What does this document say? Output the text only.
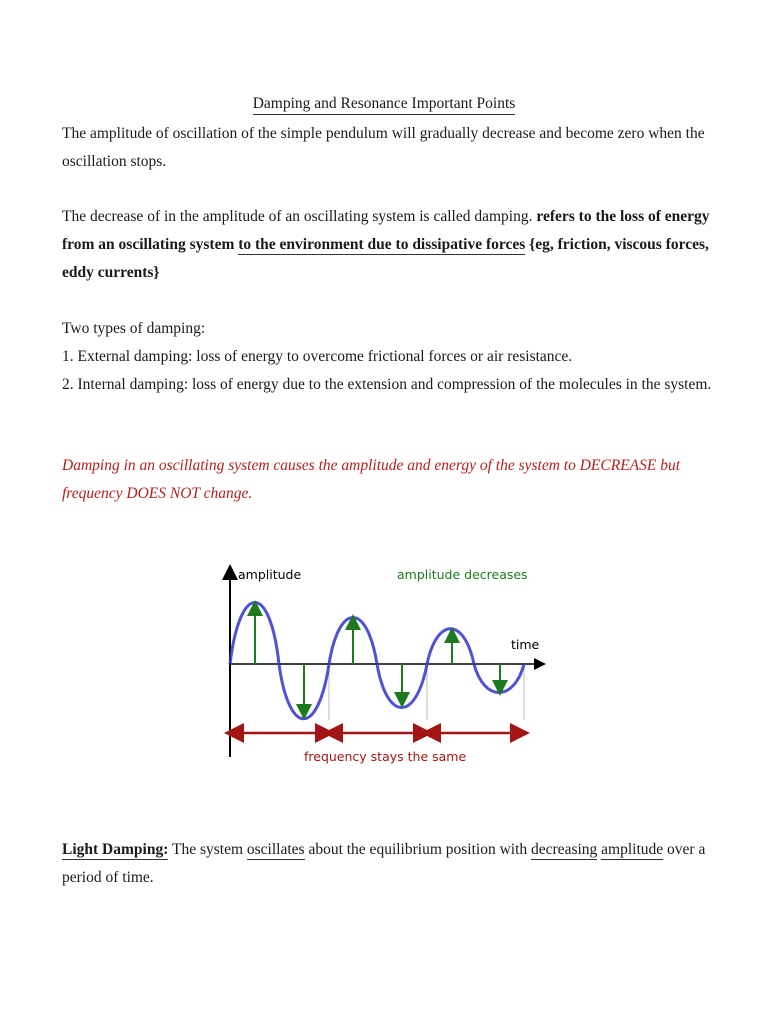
Damping and Resonance Important Points

The amplitude of oscillation of the simple pendulum will gradually decrease and become zero when the oscillation stops.

The decrease of in the amplitude of an oscillating system is called damping. refers to the loss of energy from an oscillating system to the environment due to dissipative forces {eg, friction, viscous forces, eddy currents}

Two types of damping:
1. External damping: loss of energy to overcome frictional forces or air resistance.
2. Internal damping: loss of energy due to the extension and compression of the molecules in the system.

Damping in an oscillating system causes the amplitude and energy of the system to DECREASE but frequency DOES NOT change.

amplitude	amplitude decreases
time
frequency stays the same

Light Damping: The system oscillates about the equilibrium position with decreasing amplitude over a period of time.
